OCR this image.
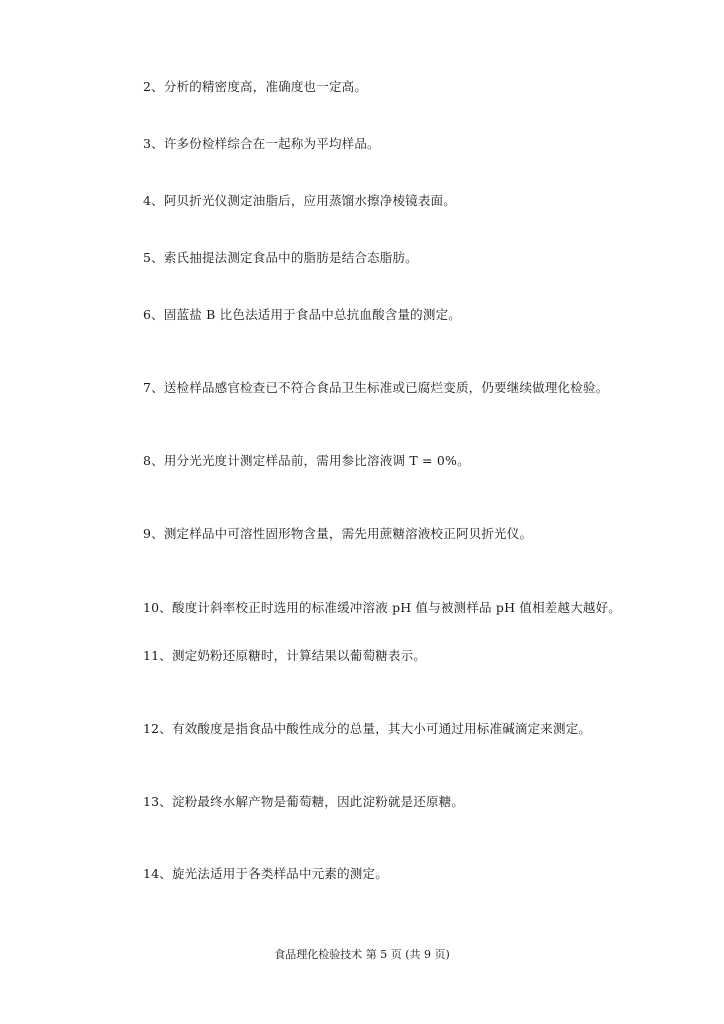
2、分析的精密度高，准确度也一定高。
3、许多份检样综合在一起称为平均样品。
4、阿贝折光仪测定油脂后，应用蒸馏水擦净棱镜表面。
5、索氏抽提法测定食品中的脂肪是结合态脂肪。
6、固蓝盐 B 比色法适用于食品中总抗血酸含量的测定。
7、送检样品感官检查已不符合食品卫生标准或已腐烂变质，仍要继续做理化检验。
8、用分光光度计测定样品前，需用参比溶液调 T = 0%。
9、测定样品中可溶性固形物含量，需先用蔗糖溶液校正阿贝折光仪。
10、酸度计斜率校正时选用的标准缓冲溶液 pH 值与被测样品 pH 值相差越大越好。
11、测定奶粉还原糖时，计算结果以葡萄糖表示。
12、有效酸度是指食品中酸性成分的总量，其大小可通过用标准碱滴定来测定。
13、淀粉最终水解产物是葡萄糖，因此淀粉就是还原糖。
14、旋光法适用于各类样品中元素的测定。
食品理化检验技术 第 5 页 (共 9 页)
